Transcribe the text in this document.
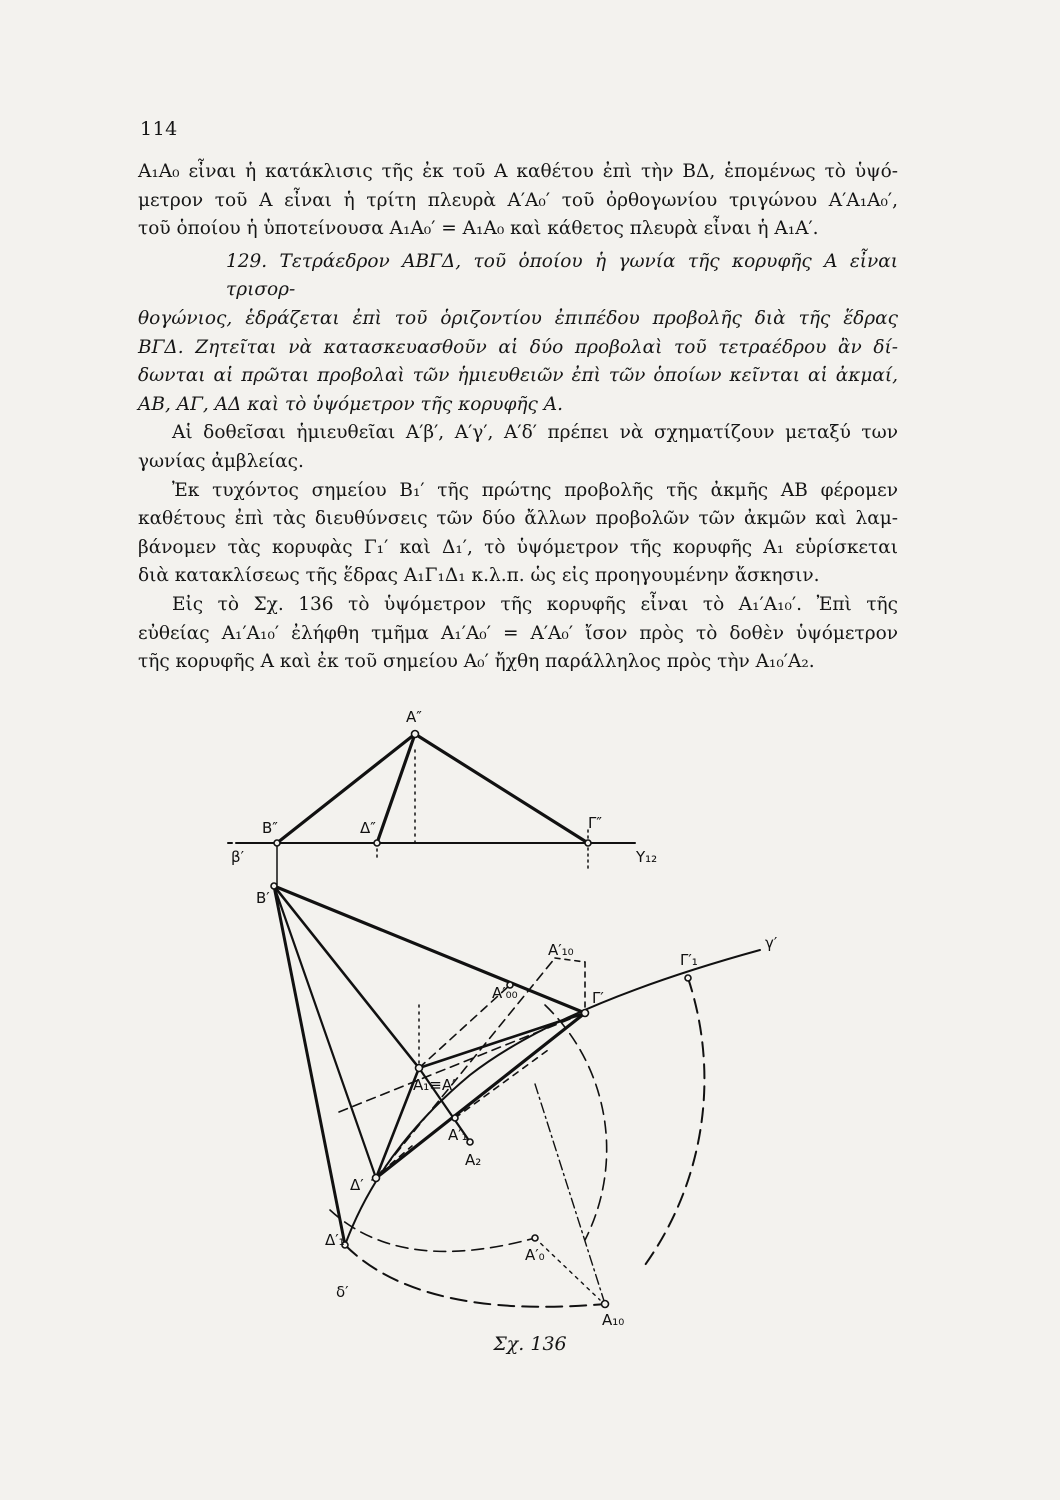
114
A₁A₀ εἶναι ἡ κατάκλισις τῆς ἐκ τοῦ A καθέτου ἐπὶ τὴν BΔ, ἑπομένως τὸ ὑψό-
μετρον τοῦ A εἶναι ἡ τρίτη πλευρὰ A′A₀′ τοῦ ὀρθογωνίου τριγώνου A′A₁A₀′,
τοῦ ὁποίου ἡ ὑποτείνουσα A₁A₀′ = A₁A₀ καὶ κάθετος πλευρὰ εἶναι ἡ A₁A′.
129. Τετράεδρον ABΓΔ, τοῦ ὁποίου ἡ γωνία τῆς κορυφῆς A εἶναι τρισορ-
θογώνιος, ἑδράζεται ἐπὶ τοῦ ὁριζοντίου ἐπιπέδου προβολῆς διὰ τῆς ἕδρας
BΓΔ. Ζητεῖται νὰ κατασκευασθοῦν αἱ δύο προβολαὶ τοῦ τετραέδρου ἂν δί-
δωνται αἱ πρῶται προβολαὶ τῶν ἡμιευθειῶν ἐπὶ τῶν ὁποίων κεῖνται αἱ ἀκμαί,
AB, AΓ, AΔ καὶ τὸ ὑψόμετρον τῆς κορυφῆς A.
Αἱ δοθεῖσαι ἡμιευθεῖαι A′β′, A′γ′, A′δ′ πρέπει νὰ σχηματίζουν μεταξύ των
γωνίας ἀμβλείας.
Ἐκ τυχόντος σημείου B₁′ τῆς πρώτης προβολῆς τῆς ἀκμῆς AB φέρομεν
καθέτους ἐπὶ τὰς διευθύνσεις τῶν δύο ἄλλων προβολῶν τῶν ἀκμῶν καὶ λαμ-
βάνομεν τὰς κορυφὰς Γ₁′ καὶ Δ₁′, τὸ ὑψόμετρον τῆς κορυφῆς A₁ εὑρίσκεται
διὰ κατακλίσεως τῆς ἕδρας A₁Γ₁Δ₁ κ.λ.π. ὡς εἰς προηγουμένην ἄσκησιν.
Εἰς τὸ Σχ. 136 τὸ ὑψόμετρον τῆς κορυφῆς εἶναι τὸ A₁′A₁₀′. Ἐπὶ τῆς
εὐθείας A₁′A₁₀′ ἐλήφθη τμῆμα A₁′A₀′ = A′A₀′ ἴσον πρὸς τὸ δοθὲν ὑψόμετρον
τῆς κορυφῆς A καὶ ἐκ τοῦ σημείου A₀′ ἤχθη παράλληλος πρὸς τὴν A₁₀′A₂.
A″
B″	Δ″	Γ″
Y₁₂
β′
B′
A′₁₀
A′₀₀	Γ′
Γ′₁
γ′
A₁≡A′
A′₁
A₂
Δ′
A′₀
Δ′₁
δ′
A₁₀
Σχ. 136
